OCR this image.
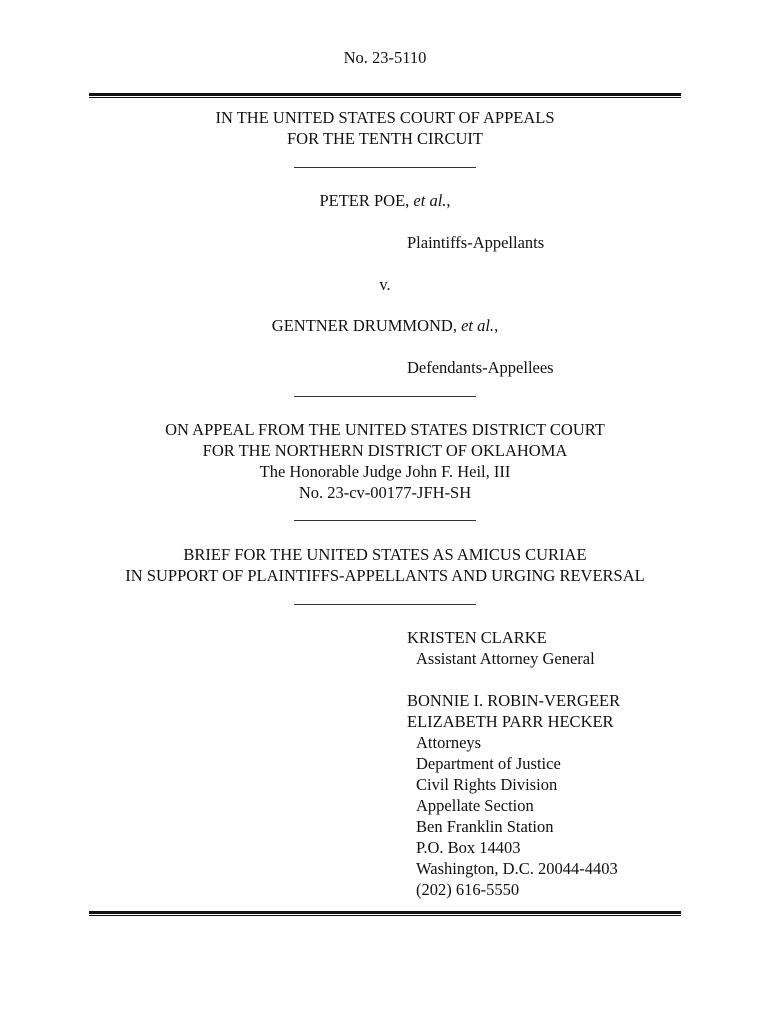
No. 23-5110
IN THE UNITED STATES COURT OF APPEALS
FOR THE TENTH CIRCUIT
PETER POE, et al.,
Plaintiffs-Appellants
v.
GENTNER DRUMMOND, et al.,
Defendants-Appellees
ON APPEAL FROM THE UNITED STATES DISTRICT COURT
FOR THE NORTHERN DISTRICT OF OKLAHOMA
The Honorable Judge John F. Heil, III
No. 23-cv-00177-JFH-SH
BRIEF FOR THE UNITED STATES AS AMICUS CURIAE
IN SUPPORT OF PLAINTIFFS-APPELLANTS AND URGING REVERSAL
KRISTEN CLARKE
Assistant Attorney General
BONNIE I. ROBIN-VERGEER
ELIZABETH PARR HECKER
Attorneys
Department of Justice
Civil Rights Division
Appellate Section
Ben Franklin Station
P.O. Box 14403
Washington, D.C. 20044-4403
(202) 616-5550
